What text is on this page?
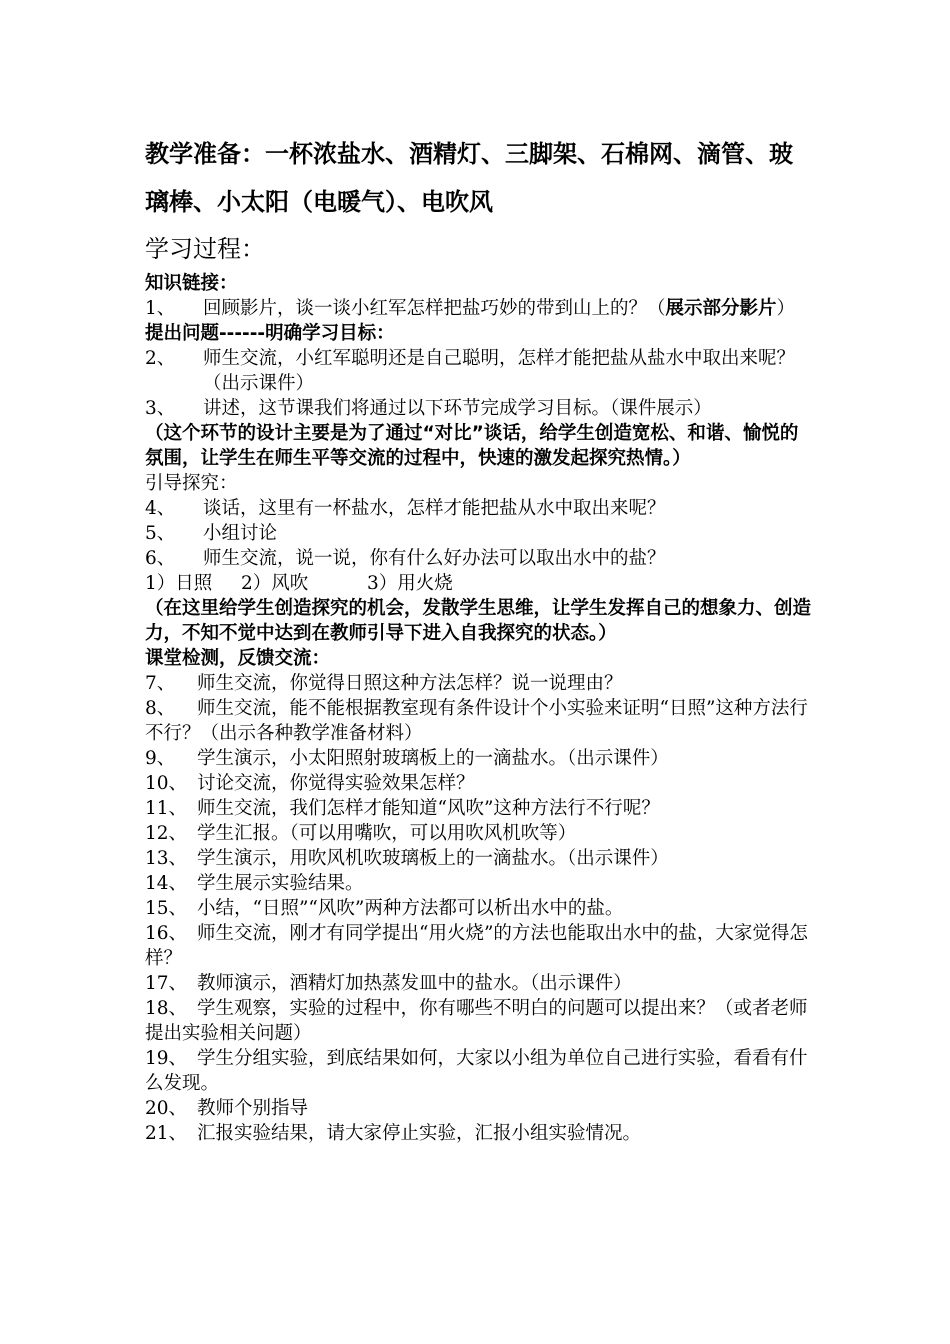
教学准备：一杯浓盐水、酒精灯、三脚架、石棉网、滴管、玻璃棒、小太阳（电暖气）、电吹风
学习过程：

知识链接：

1、	回顾影片，谈一谈小红军怎样把盐巧妙的带到山上的？（展示部分影片）

提出问题------明确学习目标：

2、	师生交流，小红军聪明还是自己聪明，怎样才能把盐从盐水中取出来呢？（出示课件）

3、	讲述，这节课我们将通过以下环节完成学习目标。（课件展示）

（这个环节的设计主要是为了通过“对比”谈话，给学生创造宽松、和谐、愉悦的氛围，让学生在师生平等交流的过程中，快速的激发起探究热情。）

引导探究：

4、	谈话，这里有一杯盐水，怎样才能把盐从水中取出来呢？

5、	小组讨论

6、	师生交流，说一说，你有什么好办法可以取出水中的盐？

1）日照 2）风吹	3）用火烧

（在这里给学生创造探究的机会，发散学生思维，让学生发挥自己的想象力、创造力，不知不觉中达到在教师引导下进入自我探究的状态。）

课堂检测，反馈交流：

7、 师生交流，你觉得日照这种方法怎样？说一说理由？

8、 师生交流，能不能根据教室现有条件设计个小实验来证明“日照”这种方法行不行？（出示各种教学准备材料）

9、 学生演示，小太阳照射玻璃板上的一滴盐水。（出示课件）

10、 讨论交流，你觉得实验效果怎样？

11、 师生交流，我们怎样才能知道“风吹”这种方法行不行呢？

12、 学生汇报。（可以用嘴吹，可以用吹风机吹等）

13、 学生演示，用吹风机吹玻璃板上的一滴盐水。（出示课件）

14、 学生展示实验结果。

15、 小结，“日照”“风吹”两种方法都可以析出水中的盐。

16、 师生交流，刚才有同学提出“用火烧”的方法也能取出水中的盐，大家觉得怎样？

17、 教师演示，酒精灯加热蒸发皿中的盐水。（出示课件）

18、 学生观察，实验的过程中，你有哪些不明白的问题可以提出来？（或者老师提出实验相关问题）

19、 学生分组实验，到底结果如何，大家以小组为单位自己进行实验，看看有什么发现。

20、 教师个别指导

21、 汇报实验结果，请大家停止实验，汇报小组实验情况。
